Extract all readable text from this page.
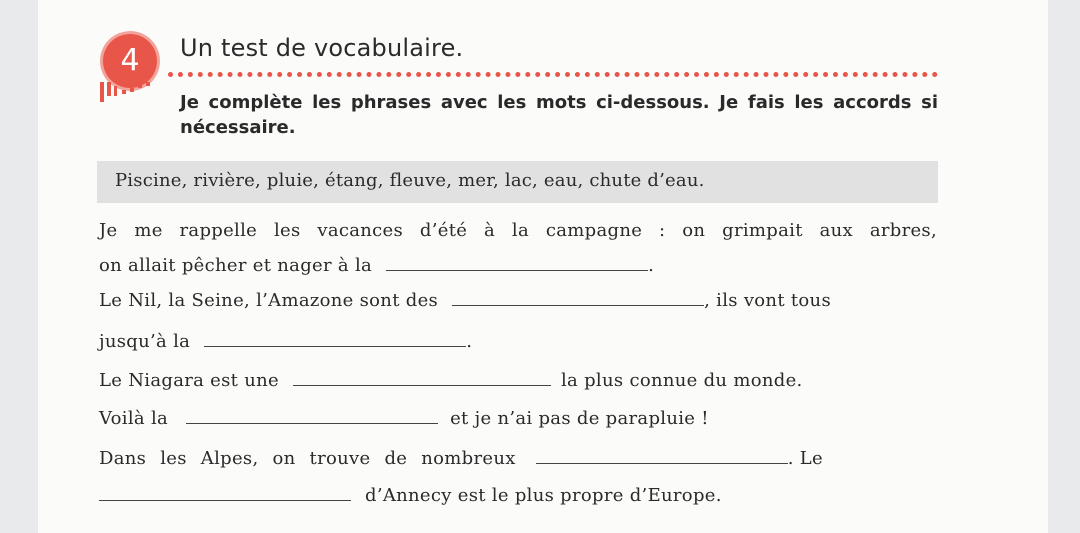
4	Un test de vocabulaire.
Je complète les phrases avec les mots ci-dessous. Je fais les accords si nécessaire.
Piscine, rivière, pluie, étang, fleuve, mer, lac, eau, chute d’eau.
Je me rappelle les vacances d’été à la campagne : on grimpait aux arbres,
on allait pêcher et nager à la	.
Le Nil, la Seine, l’Amazone sont des	, ils vont tous
jusqu’à la	.
Le Niagara est une	la plus connue du monde.
Voilà la	et je n’ai pas de parapluie !
Dans les Alpes, on trouve de nombreux	. Le
d’Annecy est le plus propre d’Europe.
